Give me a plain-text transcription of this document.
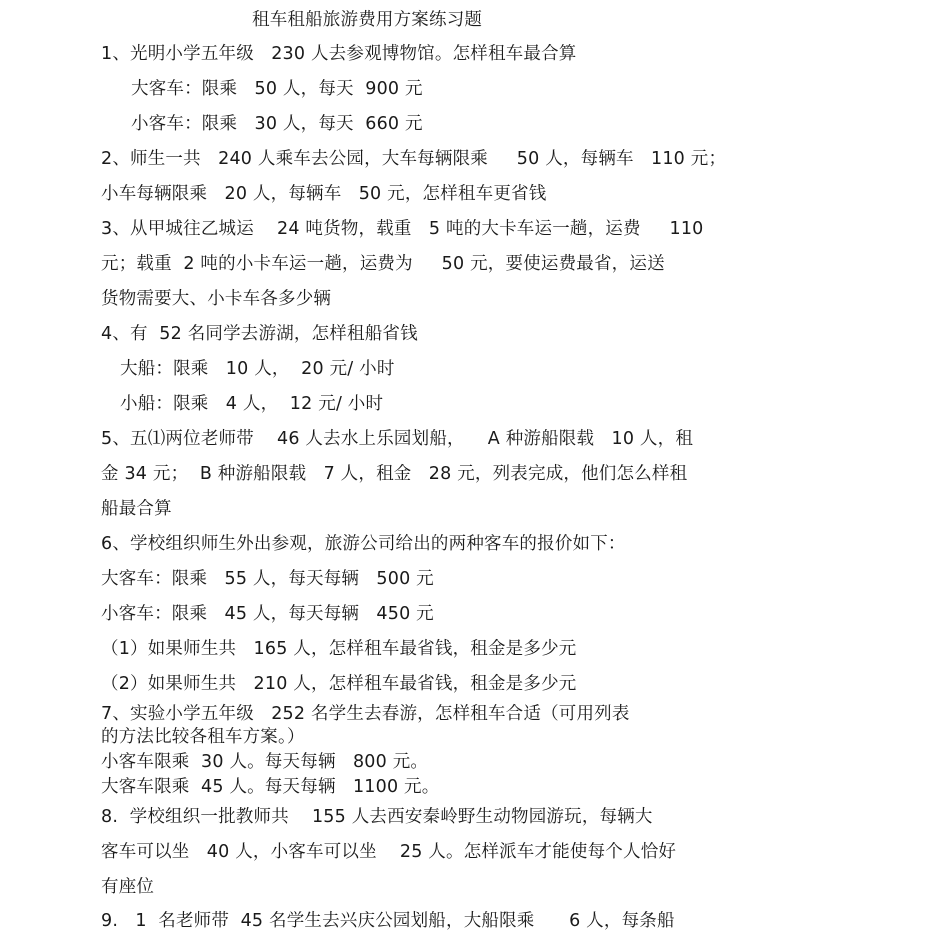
租车租船旅游费用方案练习题
1、光明小学五年级   230 人去参观博物馆。怎样租车最合算
大客车：限乘   50 人，每天  900 元
小客车：限乘   30 人，每天  660 元
2、师生一共   240 人乘车去公园，大车每辆限乘     50 人，每辆车   110 元；
小车每辆限乘   20 人，每辆车   50 元，怎样租车更省钱
3、从甲城往乙城运    24 吨货物，载重   5 吨的大卡车运一趟，运费     110
元；载重  2 吨的小卡车运一趟，运费为     50 元，要使运费最省，运送
货物需要大、小卡车各多少辆
4、有  52 名同学去游湖，怎样租船省钱
大船：限乘   10 人，  20 元/ 小时
小船：限乘   4 人，  12 元/ 小时
5、五⑴两位老师带    46 人去水上乐园划船，    A 种游船限载   10 人，租
金 34 元；  B 种游船限载   7 人，租金   28 元，列表完成，他们怎么样租
船最合算
6、学校组织师生外出参观，旅游公司给出的两种客车的报价如下：
大客车：限乘   55 人，每天每辆   500 元
小客车：限乘   45 人，每天每辆   450 元
（1）如果师生共   165 人，怎样租车最省钱，租金是多少元
（2）如果师生共   210 人，怎样租车最省钱，租金是多少元
7、实验小学五年级   252 名学生去春游，怎样租车合适（可用列表
的方法比较各租车方案。）
小客车限乘  30 人。每天每辆   800 元。
大客车限乘  45 人。每天每辆   1100 元。
8.  学校组织一批教师共    155 人去西安秦岭野生动物园游玩，每辆大
客车可以坐   40 人，小客车可以坐    25 人。怎样派车才能使每个人恰好
有座位
9.   1  名老师带  45 名学生去兴庆公园划船，大船限乘      6 人，每条船
